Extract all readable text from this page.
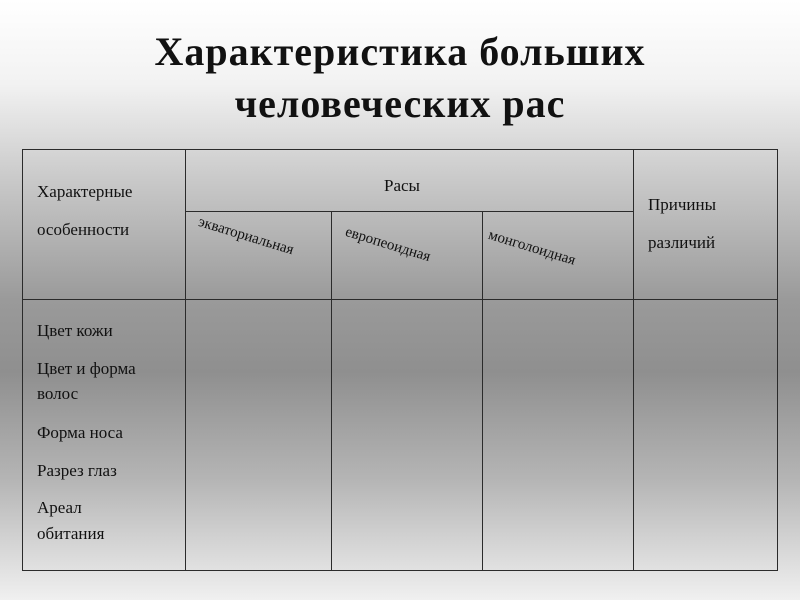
Характеристика больших
человеческих рас
Характерные
особенности
Расы
Причины
различий
экваториальная	европеоидная	монголоидная
Цвет кожи
Цвет и форма
волос
Форма носа
Разрез глаз
Ареал
обитания
